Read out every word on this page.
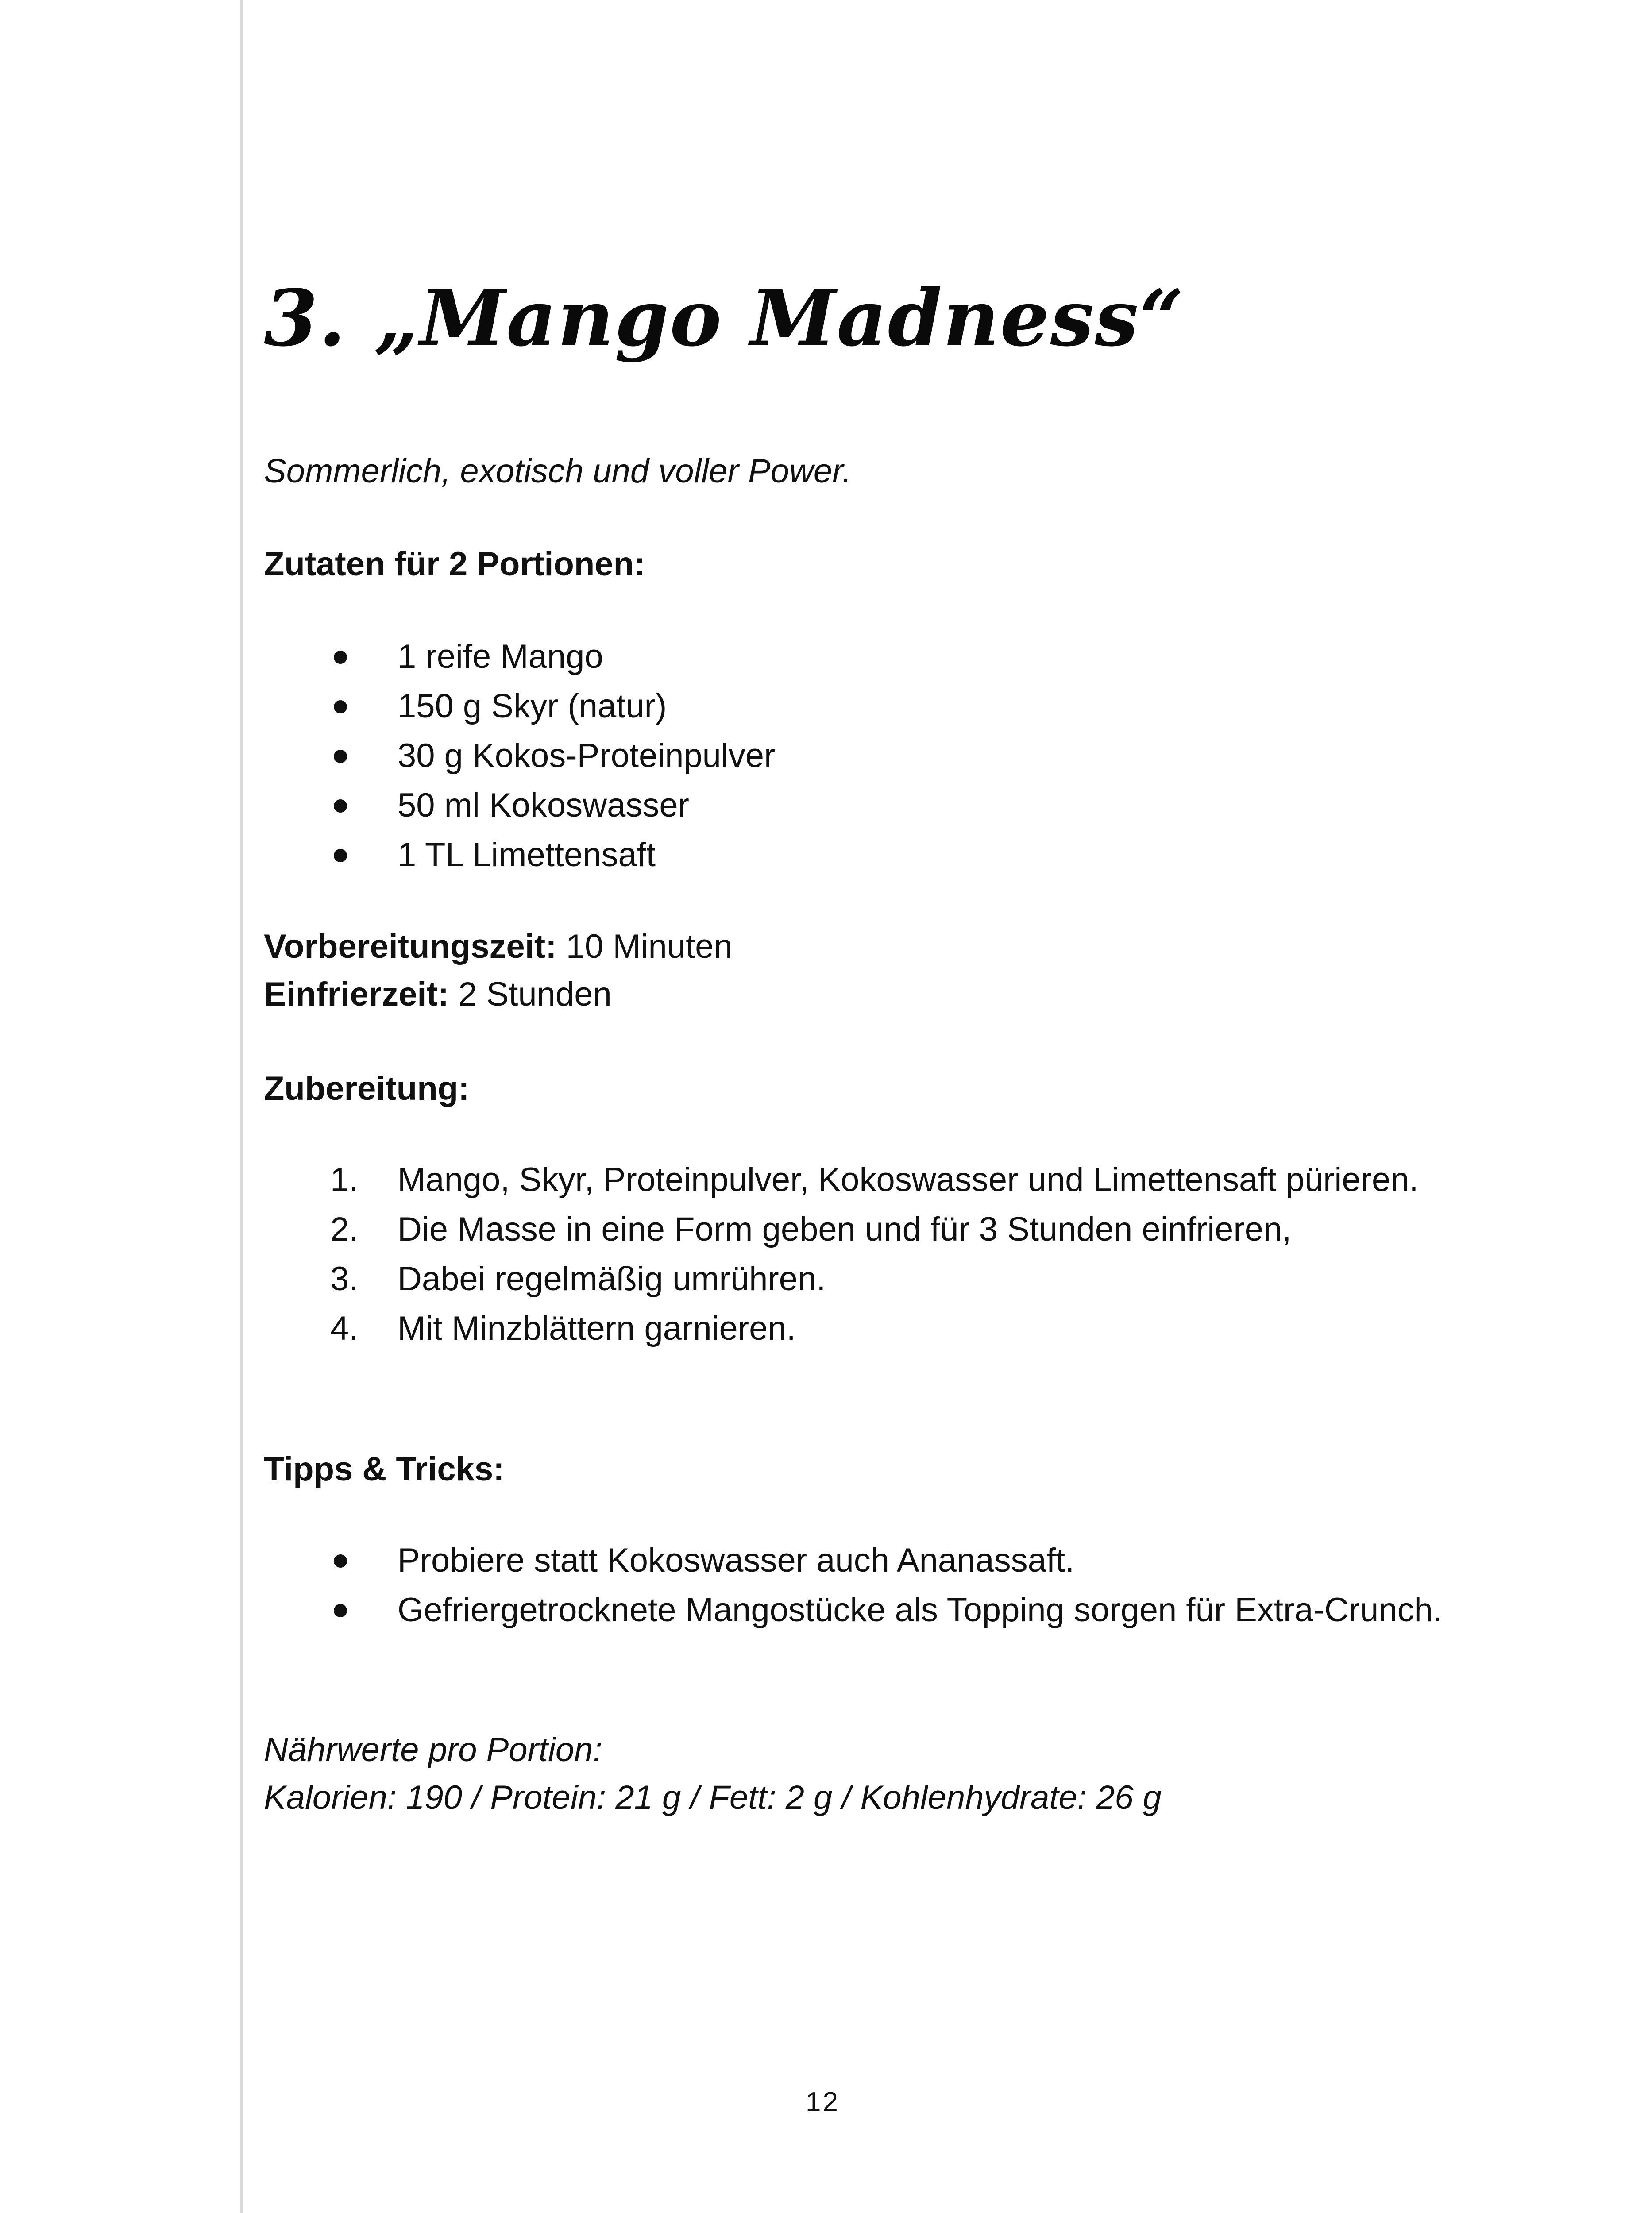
3. „Mango Madness“
Sommerlich, exotisch und voller Power.
Zutaten für 2 Portionen:
1 reife Mango
150 g Skyr (natur)
30 g Kokos-Proteinpulver
50 ml Kokoswasser
1 TL Limettensaft
Vorbereitungszeit: 10 Minuten
Einfrierzeit: 2 Stunden
Zubereitung:
1. Mango, Skyr, Proteinpulver, Kokoswasser und Limettensaft pürieren.
2. Die Masse in eine Form geben und für 3 Stunden einfrieren,
3. Dabei regelmäßig umrühren.
4. Mit Minzblättern garnieren.
Tipps & Tricks:
Probiere statt Kokoswasser auch Ananassaft.
Gefriergetrocknete Mangostücke als Topping sorgen für Extra-Crunch.
Nährwerte pro Portion:
Kalorien: 190 / Protein: 21 g / Fett: 2 g / Kohlenhydrate: 26 g
12
